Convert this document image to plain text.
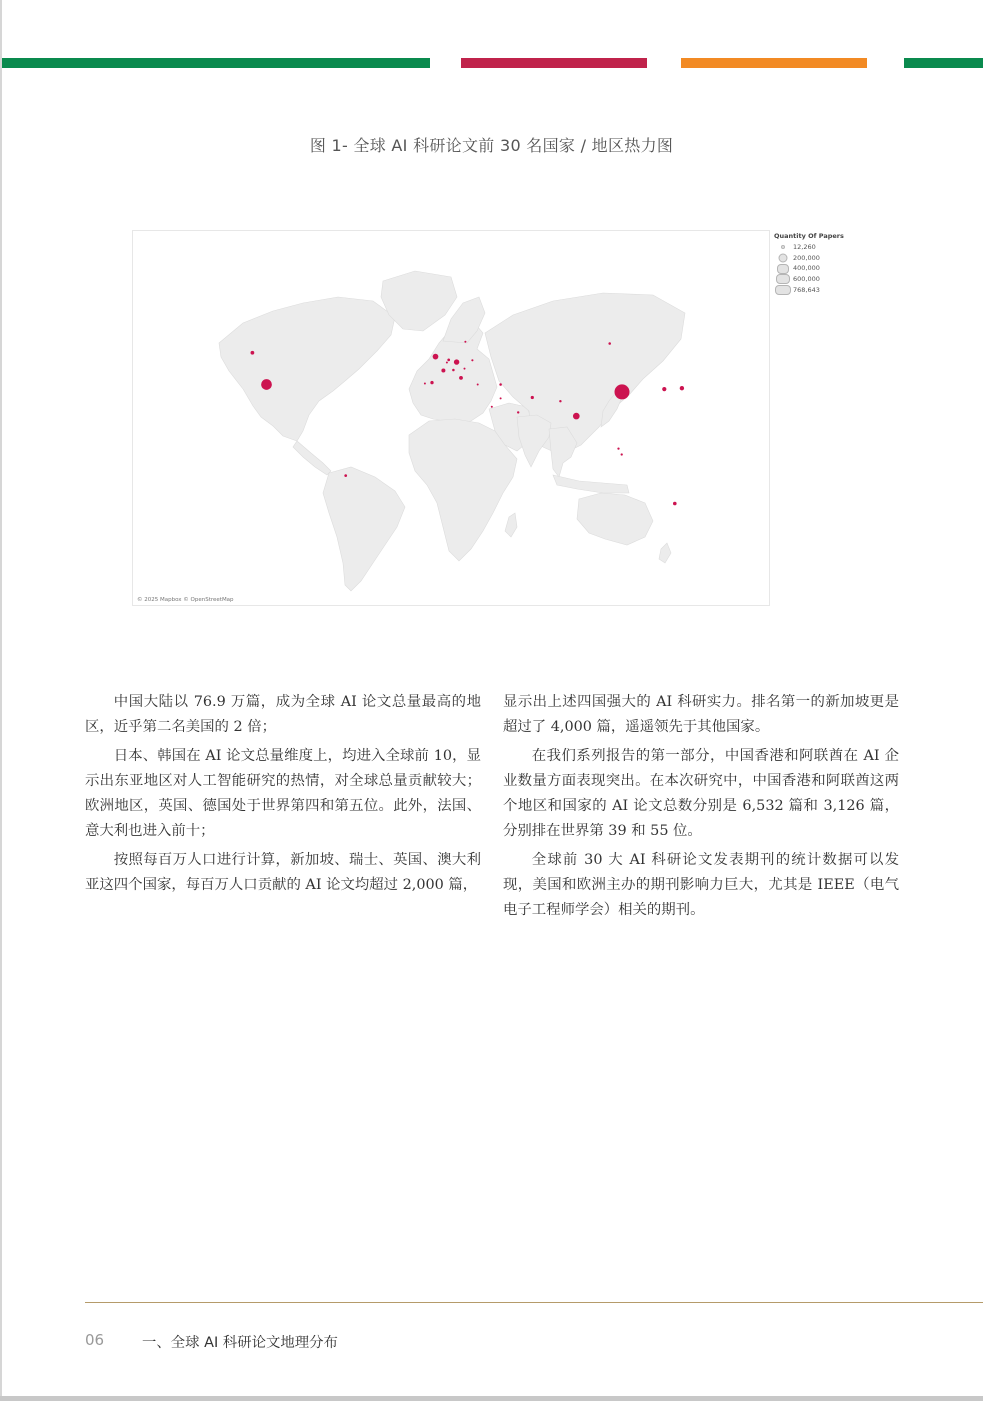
图 1- 全球 AI 科研论文前 30 名国家 / 地区热力图
© 2025 Mapbox © OpenStreetMap
Quantity Of Papers
12,260
200,000
400,000
600,000
768,643

中国大陆以 76.9 万篇，成为全球 AI 论文总量最高的地区，近乎第二名美国的 2 倍；

日本、韩国在 AI 论文总量维度上，均进入全球前 10，显示出东亚地区对人工智能研究的热情，对全球总量贡献较大；欧洲地区，英国、德国处于世界第四和第五位。此外，法国、意大利也进入前十；

按照每百万人口进行计算，新加坡、瑞士、英国、澳大利亚这四个国家，每百万人口贡献的 AI 论文均超过 2,000 篇，

显示出上述四国强大的 AI 科研实力。排名第一的新加坡更是超过了 4,000 篇，遥遥领先于其他国家。

在我们系列报告的第一部分，中国香港和阿联酋在 AI 企业数量方面表现突出。在本次研究中，中国香港和阿联酋这两个地区和国家的 AI 论文总数分别是 6,532 篇和 3,126 篇，分别排在世界第 39 和 55 位。

全球前 30 大 AI 科研论文发表期刊的统计数据可以发现，美国和欧洲主办的期刊影响力巨大，尤其是 IEEE（电气电子工程师学会）相关的期刊。

06	一、全球 AI 科研论文地理分布
